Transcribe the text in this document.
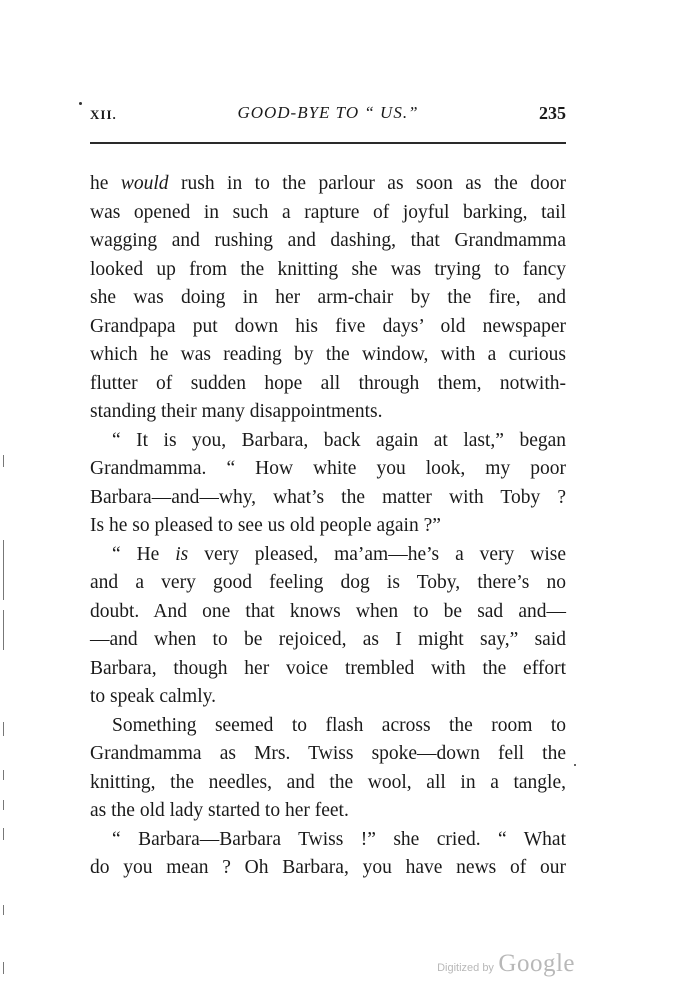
XII.	GOOD-BYE TO “ US.”	235
he would rush in to the parlour as soon as the door
was opened in such a rapture of joyful barking, tail
wagging and rushing and dashing, that Grandmamma
looked up from the knitting she was trying to fancy
she was doing in her arm-chair by the fire, and
Grandpapa put down his five days’ old newspaper
which he was reading by the window, with a curious
flutter of sudden hope all through them, notwith-
standing their many disappointments.
“ It is you, Barbara, back again at last,” began
Grandmamma. “ How white you look, my poor
Barbara—and—why, what’s the matter with Toby ?
Is he so pleased to see us old people again ?”
“ He is very pleased, ma’am—he’s a very wise
and a very good feeling dog is Toby, there’s no
doubt. And one that knows when to be sad and—
—and when to be rejoiced, as I might say,” said
Barbara, though her voice trembled with the effort
to speak calmly.
Something seemed to flash across the room to
Grandmamma as Mrs. Twiss spoke—down fell the
knitting, the needles, and the wool, all in a tangle,
as the old lady started to her feet.
“ Barbara—Barbara Twiss !” she cried. “ What
do you mean ? Oh Barbara, you have news of our
Digitized by Google
